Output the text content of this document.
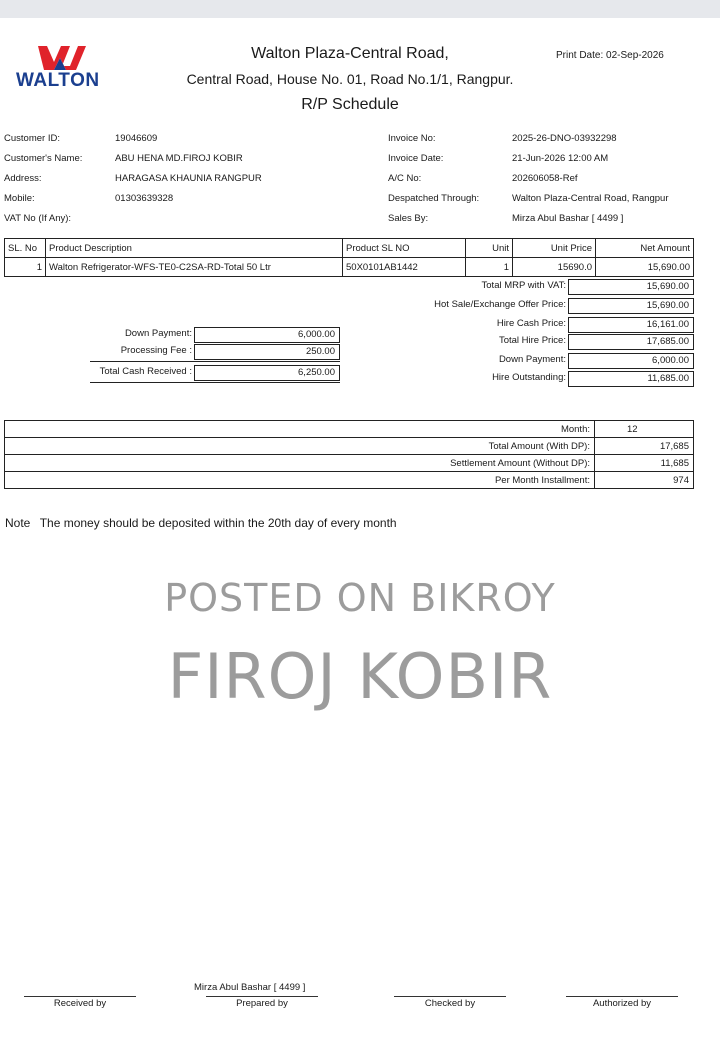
WALTON
Walton Plaza-Central Road,
Central Road, House No. 01, Road No.1/1, Rangpur.
R/P Schedule
Print Date: 02-Sep-2026
Customer ID:	19046609
Customer's Name:	ABU HENA MD.FIROJ KOBIR
Address:	HARAGASA KHAUNIA RANGPUR
Mobile:	01303639328
VAT No (If Any):
Invoice No:	2025-26-DNO-03932298
Invoice Date:	21-Jun-2026 12:00 AM
A/C No:	202606058-Ref
Despatched Through:	Walton Plaza-Central Road, Rangpur
Sales By:	Mirza Abul Bashar [ 4499 ]
SL. No	Product Description	Product SL NO	Unit	Unit Price	Net Amount
1	Walton Refrigerator-WFS-TE0-C2SA-RD-Total 50 Ltr	50X0101AB1442	1	15690.0	15,690.00
Total MRP with VAT:	15,690.00
Hot Sale/Exchange Offer Price:	15,690.00
Hire Cash Price:	16,161.00
Total Hire Price:	17,685.00
Down Payment:	6,000.00
Hire Outstanding:	11,685.00
Down Payment:	6,000.00
Processing Fee :	250.00
Total Cash Received :	6,250.00
Month:	12
Total Amount (With DP):	17,685
Settlement Amount (Without DP):	11,685
Per Month Installment:	974
Note The money should be deposited within the 20th day of every month
POSTED ON BIKROY
FIROJ KOBIR
Mirza Abul Bashar [ 4499 ]
Received by	Prepared by	Checked by	Authorized by
